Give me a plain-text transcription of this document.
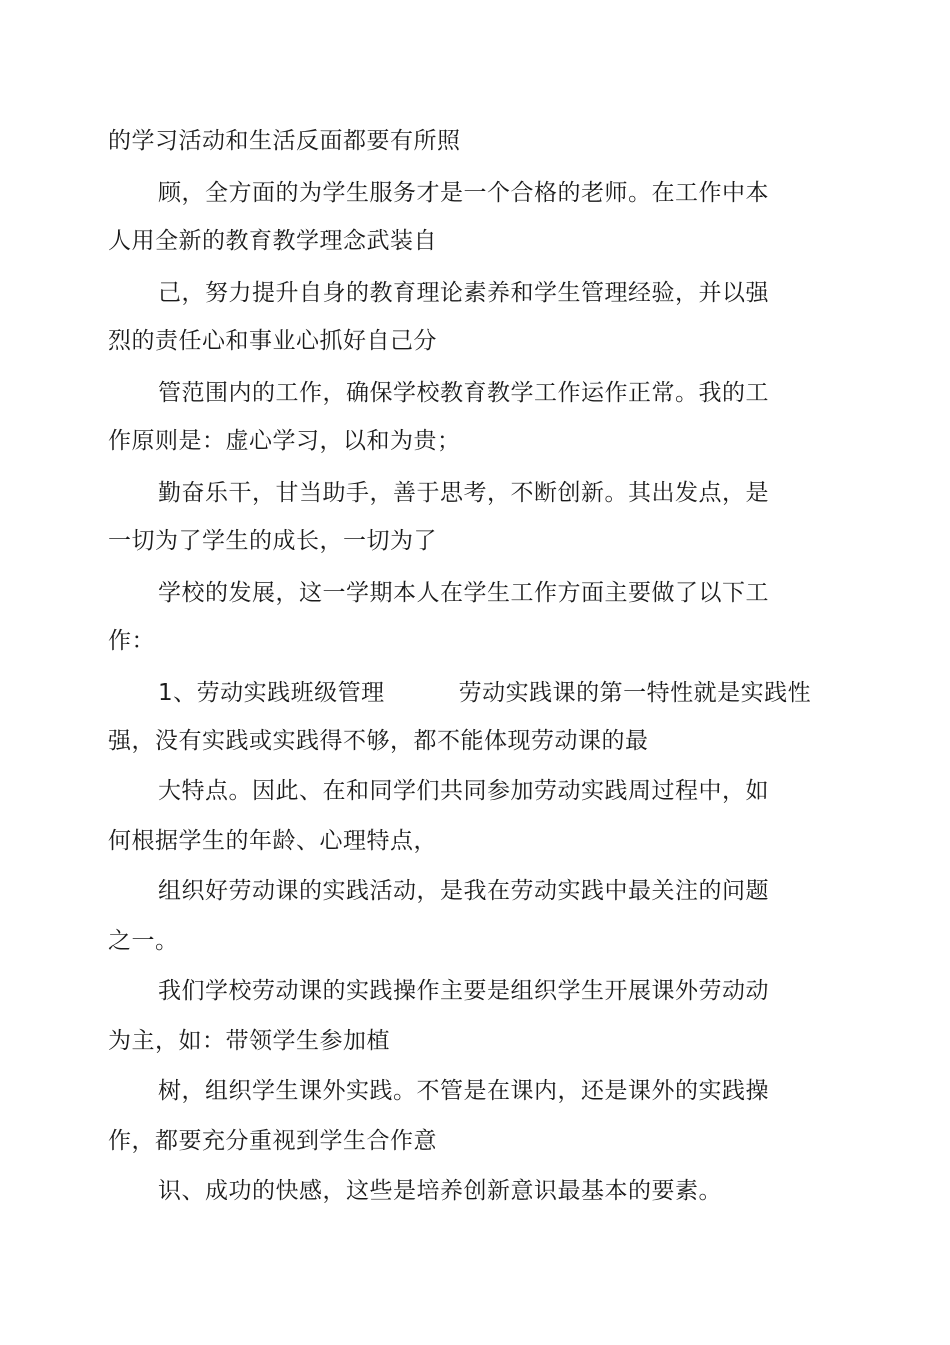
的学习活动和生活反面都要有所照
顾，全方面的为学生服务才是一个合格的老师。在工作中本
人用全新的教育教学理念武装自
己，努力提升自身的教育理论素养和学生管理经验，并以强
烈的责任心和事业心抓好自己分
管范围内的工作，确保学校教育教学工作运作正常。我的工
作原则是：虚心学习，以和为贵；
勤奋乐干，甘当助手，善于思考，不断创新。其出发点，是
一切为了学生的成长，一切为了
学校的发展，这一学期本人在学生工作方面主要做了以下工
作：
1、劳动实践班级管理	劳动实践课的第一特性就是实践性
强，没有实践或实践得不够，都不能体现劳动课的最
大特点。因此、在和同学们共同参加劳动实践周过程中，如
何根据学生的年龄、心理特点，
组织好劳动课的实践活动，是我在劳动实践中最关注的问题
之一。
我们学校劳动课的实践操作主要是组织学生开展课外劳动动
为主，如：带领学生参加植
树，组织学生课外实践。不管是在课内，还是课外的实践操
作，都要充分重视到学生合作意
识、成功的快感，这些是培养创新意识最基本的要素。
